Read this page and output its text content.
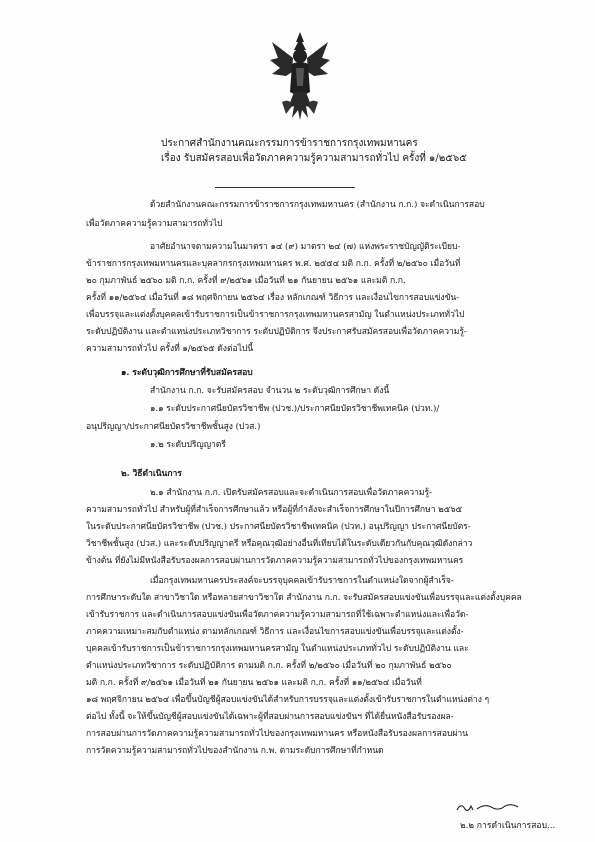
ประกาศสำนักงานคณะกรรมการข้าราชการกรุงเทพมหานคร
เรื่อง รับสมัครสอบเพื่อวัดภาคความรู้ความสามารถทั่วไป ครั้งที่ ๑/๒๕๖๕
ด้วยสำนักงานคณะกรรมการข้าราชการกรุงเทพมหานคร (สำนักงาน ก.ก.) จะดำเนินการสอบ
เพื่อวัดภาคความรู้ความสามารถทั่วไป
อาศัยอำนาจตามความในมาตรา ๑๔ (๙) มาตรา ๒๔ (๗) แห่งพระราชบัญญัติระเบียบ-
ข้าราชการกรุงเทพมหานครและบุคลากรกรุงเทพมหานคร พ.ศ. ๒๕๕๔ มติ ก.ก. ครั้งที่ ๒/๒๕๖๐ เมื่อวันที่
๒๐ กุมภาพันธ์ ๒๕๖๐ มติ ก.ก. ครั้งที่ ๙/๒๕๖๑ เมื่อวันที่ ๒๑ กันยายน ๒๕๖๑ และมติ ก.ก.
ครั้งที่ ๑๑/๒๕๖๔ เมื่อวันที่ ๑๘ พฤศจิกายน ๒๕๖๔ เรื่อง หลักเกณฑ์ วิธีการ และเงื่อนไขการสอบแข่งขัน-
เพื่อบรรจุและแต่งตั้งบุคคลเข้ารับราชการเป็นข้าราชการกรุงเทพมหานครสามัญ ในตำแหน่งประเภททั่วไป
ระดับปฏิบัติงาน และตำแหน่งประเภทวิชาการ ระดับปฏิบัติการ จึงประกาศรับสมัครสอบเพื่อวัดภาคความรู้-
ความสามารถทั่วไป ครั้งที่ ๑/๒๕๖๕ ดังต่อไปนี้
๑. ระดับวุฒิการศึกษาที่รับสมัครสอบ
สำนักงาน ก.ก. จะรับสมัครสอบ จำนวน ๒ ระดับวุฒิการศึกษา ดังนี้
๑.๑ ระดับประกาศนียบัตรวิชาชีพ (ปวช.)/ประกาศนียบัตรวิชาชีพเทคนิค (ปวท.)/
อนุปริญญา/ประกาศนียบัตรวิชาชีพชั้นสูง (ปวส.)
๑.๒ ระดับปริญญาตรี
๒. วิธีดำเนินการ
๒.๑ สำนักงาน ก.ก. เปิดรับสมัครสอบและจะดำเนินการสอบเพื่อวัดภาคความรู้-
ความสามารถทั่วไป สำหรับผู้ที่สำเร็จการศึกษาแล้ว หรือผู้ที่กำลังจะสำเร็จการศึกษาในปีการศึกษา ๒๕๖๕
ในระดับประกาศนียบัตรวิชาชีพ (ปวช.) ประกาศนียบัตรวิชาชีพเทคนิค (ปวท.) อนุปริญญา ประกาศนียบัตร-
วิชาชีพชั้นสูง (ปวส.) และระดับปริญญาตรี หรือคุณวุฒิอย่างอื่นที่เทียบได้ในระดับเดียวกันกับคุณวุฒิดังกล่าว
ข้างต้น ที่ยังไม่มีหนังสือรับรองผลการสอบผ่านการวัดภาคความรู้ความสามารถทั่วไปของกรุงเทพมหานคร
เมื่อกรุงเทพมหานครประสงค์จะบรรจุบุคคลเข้ารับราชการในตำแหน่งใดจากผู้สำเร็จ-
การศึกษาระดับใด สาขาวิชาใด หรือหลายสาขาวิชาใด สำนักงาน ก.ก. จะรับสมัครสอบแข่งขันเพื่อบรรจุและแต่งตั้งบุคคล
เข้ารับราชการ และดำเนินการสอบแข่งขันเพื่อวัดภาคความรู้ความสามารถที่ใช้เฉพาะตำแหน่งและเพื่อวัด-
ภาคความเหมาะสมกับตำแหน่ง ตามหลักเกณฑ์ วิธีการ และเงื่อนไขการสอบแข่งขันเพื่อบรรจุและแต่งตั้ง-
บุคคลเข้ารับราชการเป็นข้าราชการกรุงเทพมหานครสามัญ ในตำแหน่งประเภททั่วไป ระดับปฏิบัติงาน และ
ตำแหน่งประเภทวิชาการ ระดับปฏิบัติการ ตามมติ ก.ก. ครั้งที่ ๒/๒๕๖๐ เมื่อวันที่ ๒๐ กุมภาพันธ์ ๒๕๖๐
มติ ก.ก. ครั้งที่ ๙/๒๕๖๑ เมื่อวันที่ ๒๑ กันยายน ๒๕๖๑ และมติ ก.ก. ครั้งที่ ๑๑/๒๕๖๔ เมื่อวันที่
๑๘ พฤศจิกายน ๒๕๖๔ เพื่อขึ้นบัญชีผู้สอบแข่งขันได้สำหรับการบรรจุและแต่งตั้งเข้ารับราชการในตำแหน่งต่าง ๆ
ต่อไป ทั้งนี้ จะให้ขึ้นบัญชีผู้สอบแข่งขันได้เฉพาะผู้ที่สอบผ่านการสอบแข่งขันฯ ที่ได้ยื่นหนังสือรับรองผล-
การสอบผ่านการวัดภาคความรู้ความสามารถทั่วไปของกรุงเทพมหานคร หรือหนังสือรับรองผลการสอบผ่าน
การวัดความรู้ความสามารถทั่วไปของสำนักงาน ก.พ. ตามระดับการศึกษาที่กำหนด
๒.๒ การดำเนินการสอบ...
